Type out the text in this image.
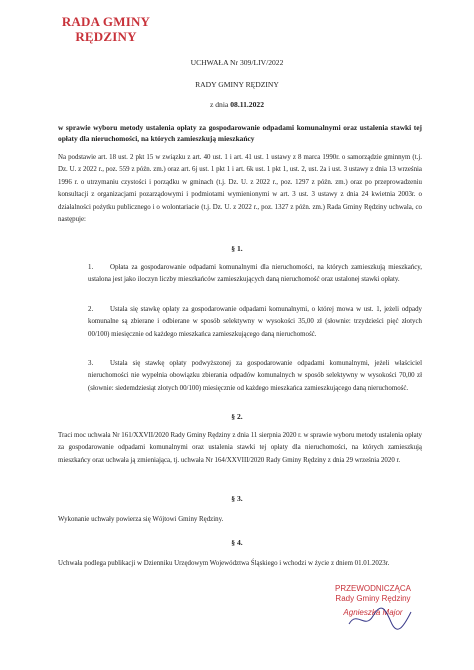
RADA GMINY
RĘDZINY
UCHWAŁA Nr 309/LIV/2022
RADY GMINY RĘDZINY
z dnia 08.11.2022
w sprawie wyboru metody ustalenia opłaty za gospodarowanie odpadami komunalnymi oraz ustalenia stawki tej opłaty dla nieruchomości, na których zamieszkują mieszkańcy
Na podstawie art. 18 ust. 2 pkt 15 w związku z art. 40 ust. 1 i art. 41 ust. 1 ustawy z 8 marca 1990r. o samorządzie gminnym (t.j. Dz. U. z 2022 r., poz. 559 z późn. zm.) oraz art. 6j ust. 1 pkt 1 i art. 6k ust. 1 pkt 1, ust. 2, ust. 2a i ust. 3 ustawy z dnia 13 września 1996 r. o utrzymaniu czystości i porządku w gminach (t.j. Dz. U. z 2022 r., poz. 1297 z późn. zm.) oraz po przeprowadzeniu konsultacji z organizacjami pozarządowymi i podmiotami wymienionymi w art. 3 ust. 3 ustawy z dnia 24 kwietnia 2003r. o działalności pożytku publicznego i o wolontariacie (t.j. Dz. U. z 2022 r., poz. 1327 z późn. zm.) Rada Gminy Rędziny uchwala, co następuje:
§ 1.
1.	Opłata za gospodarowanie odpadami komunalnymi dla nieruchomości, na których zamieszkują mieszkańcy, ustalona jest jako iloczyn liczby mieszkańców zamieszkujących daną nieruchomość oraz ustalonej stawki opłaty.
2.	Ustala się stawkę opłaty za gospodarowanie odpadami komunalnymi, o której mowa w ust. 1, jeżeli odpady komunalne są zbierane i odbierane w sposób selektywny w wysokości 35,00 zł (słownie: trzydzieści pięć złotych 00/100) miesięcznie od każdego mieszkańca zamieszkującego daną nieruchomość.
3.	Ustala się stawkę opłaty podwyższonej za gospodarowanie odpadami komunalnymi, jeżeli właściciel nieruchomości nie wypełnia obowiązku zbierania odpadów komunalnych w sposób selektywny w wysokości 70,00 zł (słownie: siedemdziesiąt złotych 00/100) miesięcznie od każdego mieszkańca zamieszkującego daną nieruchomość.
§ 2.
Traci moc uchwała Nr 161/XXVII/2020 Rady Gminy Rędziny z dnia 11 sierpnia 2020 r. w sprawie wyboru metody ustalenia opłaty za gospodarowanie odpadami komunalnymi oraz ustalenia stawki tej opłaty dla nieruchomości, na których zamieszkują mieszkańcy oraz uchwała ją zmieniająca, tj. uchwała Nr 164/XXVIII/2020 Rady Gminy Rędziny z dnia 29 września 2020 r.
§ 3.
Wykonanie uchwały powierza się Wójtowi Gminy Rędziny.
§ 4.
Uchwała podlega publikacji w Dzienniku Urzędowym Województwa Śląskiego i wchodzi w życie z dniem 01.01.2023r.
PRZEWODNICZĄCA
Rady Gminy Rędziny
Agnieszka Major
